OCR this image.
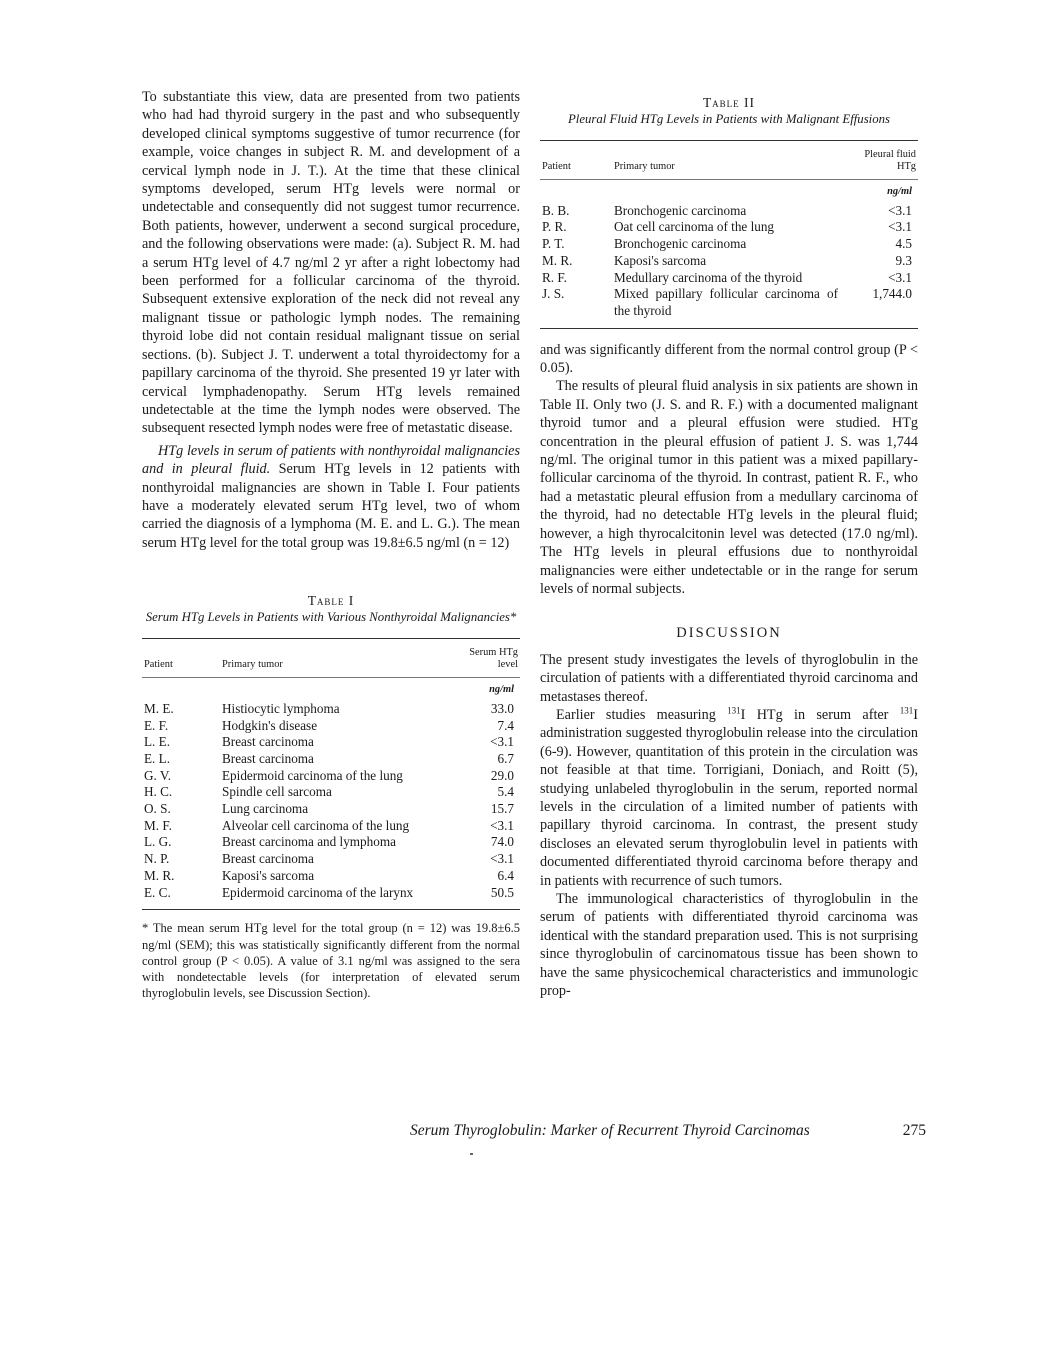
To substantiate this view, data are presented from two patients who had had thyroid surgery in the past and who subsequently developed clinical symptoms suggestive of tumor recurrence (for example, voice changes in subject R. M. and development of a cervical lymph node in J. T.). At the time that these clinical symptoms developed, serum HTg levels were normal or undetectable and consequently did not suggest tumor recurrence. Both patients, however, underwent a second surgical procedure, and the following observations were made: (a). Subject R. M. had a serum HTg level of 4.7 ng/ml 2 yr after a right lobectomy had been performed for a follicular carcinoma of the thyroid. Subsequent extensive exploration of the neck did not reveal any malignant tissue or pathologic lymph nodes. The remaining thyroid lobe did not contain residual malignant tissue on serial sections. (b). Subject J. T. underwent a total thyroidectomy for a papillary carcinoma of the thyroid. She presented 19 yr later with cervical lymphadenopathy. Serum HTg levels remained undetectable at the time the lymph nodes were observed. The subsequent resected lymph nodes were free of metastatic disease.

HTg levels in serum of patients with nonthyroidal malignancies and in pleural fluid. Serum HTg levels in 12 patients with nonthyroidal malignancies are shown in Table I. Four patients have a moderately elevated serum HTg level, two of whom carried the diagnosis of a lymphoma (M. E. and L. G.). The mean serum HTg level for the total group was 19.8±6.5 ng/ml (n = 12)

Table I

Serum HTg Levels in Patients with Various Nonthyroidal Malignancies*

Patient	Primary tumor	Serum HTg level
		ng/ml
M. E.	Histiocytic lymphoma	33.0
E. F.	Hodgkin's disease	7.4
L. E.	Breast carcinoma	<3.1
E. L.	Breast carcinoma	6.7
G. V.	Epidermoid carcinoma of the lung	29.0
H. C.	Spindle cell sarcoma	5.4
O. S.	Lung carcinoma	15.7
M. F.	Alveolar cell carcinoma of the lung	<3.1
L. G.	Breast carcinoma and lymphoma	74.0
N. P.	Breast carcinoma	<3.1
M. R.	Kaposi's sarcoma	6.4
E. C.	Epidermoid carcinoma of the larynx	50.5

* The mean serum HTg level for the total group (n = 12) was 19.8±6.5 ng/ml (SEM); this was statistically significantly different from the normal control group (P < 0.05). A value of 3.1 ng/ml was assigned to the sera with nondetectable levels (for interpretation of elevated serum thyroglobulin levels, see Discussion Section).

Table II

Pleural Fluid HTg Levels in Patients with Malignant Effusions

Patient	Primary tumor	Pleural fluid HTg
		ng/ml
B. B.	Bronchogenic carcinoma	<3.1
P. R.	Oat cell carcinoma of the lung	<3.1
P. T.	Bronchogenic carcinoma	4.5
M. R.	Kaposi's sarcoma	9.3
R. F.	Medullary carcinoma of the thyroid	<3.1
J. S.	Mixed papillary follicular carcinoma of the thyroid	1,744.0

and was significantly different from the normal control group (P < 0.05).

The results of pleural fluid analysis in six patients are shown in Table II. Only two (J. S. and R. F.) with a documented malignant thyroid tumor and a pleural effusion were studied. HTg concentration in the pleural effusion of patient J. S. was 1,744 ng/ml. The original tumor in this patient was a mixed papillary-follicular carcinoma of the thyroid. In contrast, patient R. F., who had a metastatic pleural effusion from a medullary carcinoma of the thyroid, had no detectable HTg levels in the pleural fluid; however, a high thyrocalcitonin level was detected (17.0 ng/ml). The HTg levels in pleural effusions due to nonthyroidal malignancies were either undetectable or in the range for serum levels of normal subjects.

DISCUSSION

The present study investigates the levels of thyroglobulin in the circulation of patients with a differentiated thyroid carcinoma and metastases thereof.

Earlier studies measuring $^{131}$I HTg in serum after $^{131}$I administration suggested thyroglobulin release into the circulation (6-9). However, quantitation of this protein in the circulation was not feasible at that time. Torrigiani, Doniach, and Roitt (5), studying unlabeled thyroglobulin in the serum, reported normal levels in the circulation of a limited number of patients with papillary thyroid carcinoma. In contrast, the present study discloses an elevated serum thyroglobulin level in patients with documented differentiated thyroid carcinoma before therapy and in patients with recurrence of such tumors.

The immunological characteristics of thyroglobulin in the serum of patients with differentiated thyroid carcinoma was identical with the standard preparation used. This is not surprising since thyroglobulin of carcinomatous tissue has been shown to have the same physicochemical characteristics and immunologic prop-

Serum Thyroglobulin: Marker of Recurrent Thyroid Carcinomas	275
